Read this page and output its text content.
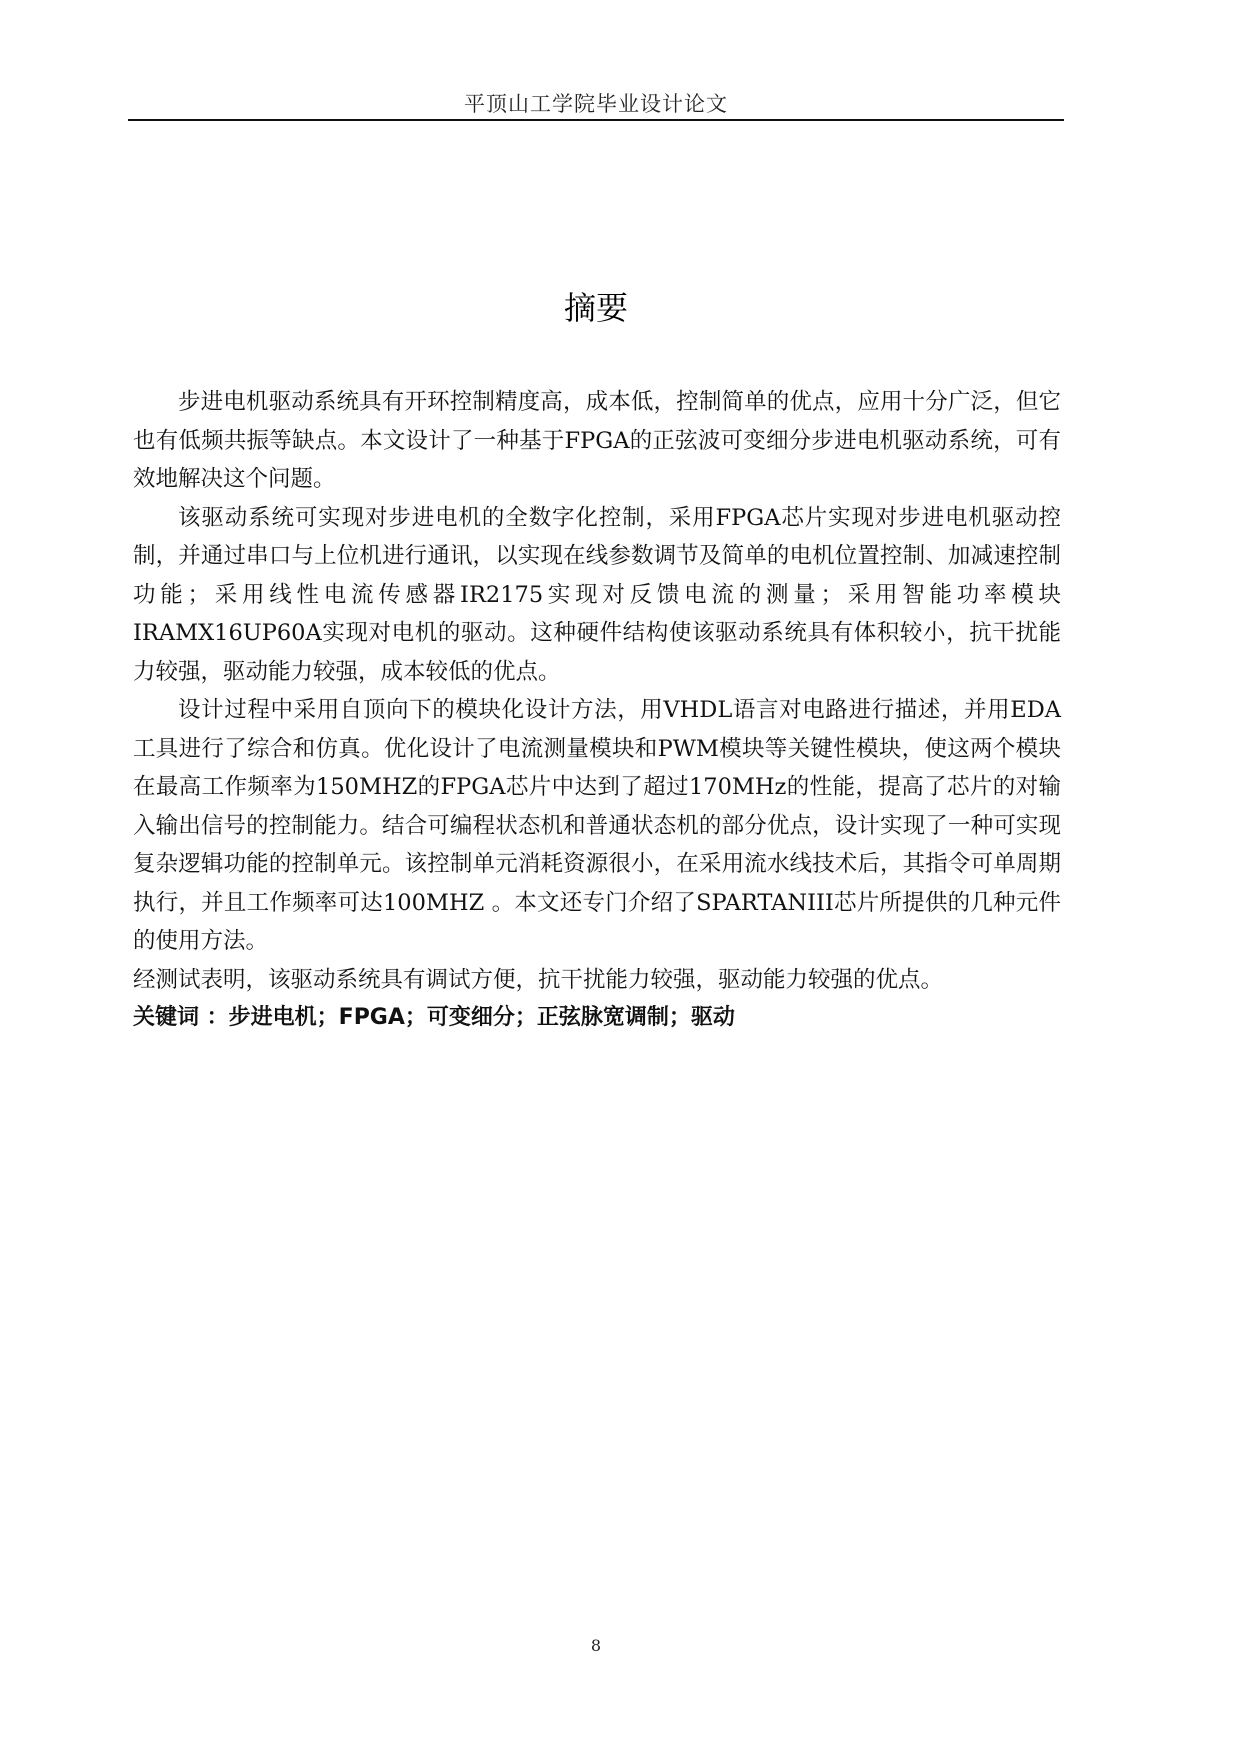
平顶山工学院毕业设计论文
摘要

步进电机驱动系统具有开环控制精度高，成本低，控制简单的优点，应用十分广泛，但它也有低频共振等缺点。本文设计了一种基于FPGA的正弦波可变细分步进电机驱动系统，可有效地解决这个问题。

该驱动系统可实现对步进电机的全数字化控制，采用FPGA芯片实现对步进电机驱动控制，并通过串口与上位机进行通讯，以实现在线参数调节及简单的电机位置控制、加减速控制功能；采用线性电流传感器IR2175实现对反馈电流的测量；采用智能功率模块IRAMX16UP60A实现对电机的驱动。这种硬件结构使该驱动系统具有体积较小，抗干扰能力较强，驱动能力较强，成本较低的优点。

设计过程中采用自顶向下的模块化设计方法，用VHDL语言对电路进行描述，并用EDA工具进行了综合和仿真。优化设计了电流测量模块和PWM模块等关键性模块，使这两个模块在最高工作频率为150MHZ的FPGA芯片中达到了超过170MHz的性能，提高了芯片的对输入输出信号的控制能力。结合可编程状态机和普通状态机的部分优点，设计实现了一种可实现复杂逻辑功能的控制单元。该控制单元消耗资源很小，在采用流水线技术后，其指令可单周期执行，并且工作频率可达100MHZ 。本文还专门介绍了SPARTANIII芯片所提供的几种元件的使用方法。

经测试表明，该驱动系统具有调试方便，抗干扰能力较强，驱动能力较强的优点。

关键词 ：步进电机；FPGA；可变细分；正弦脉宽调制；驱动

8
